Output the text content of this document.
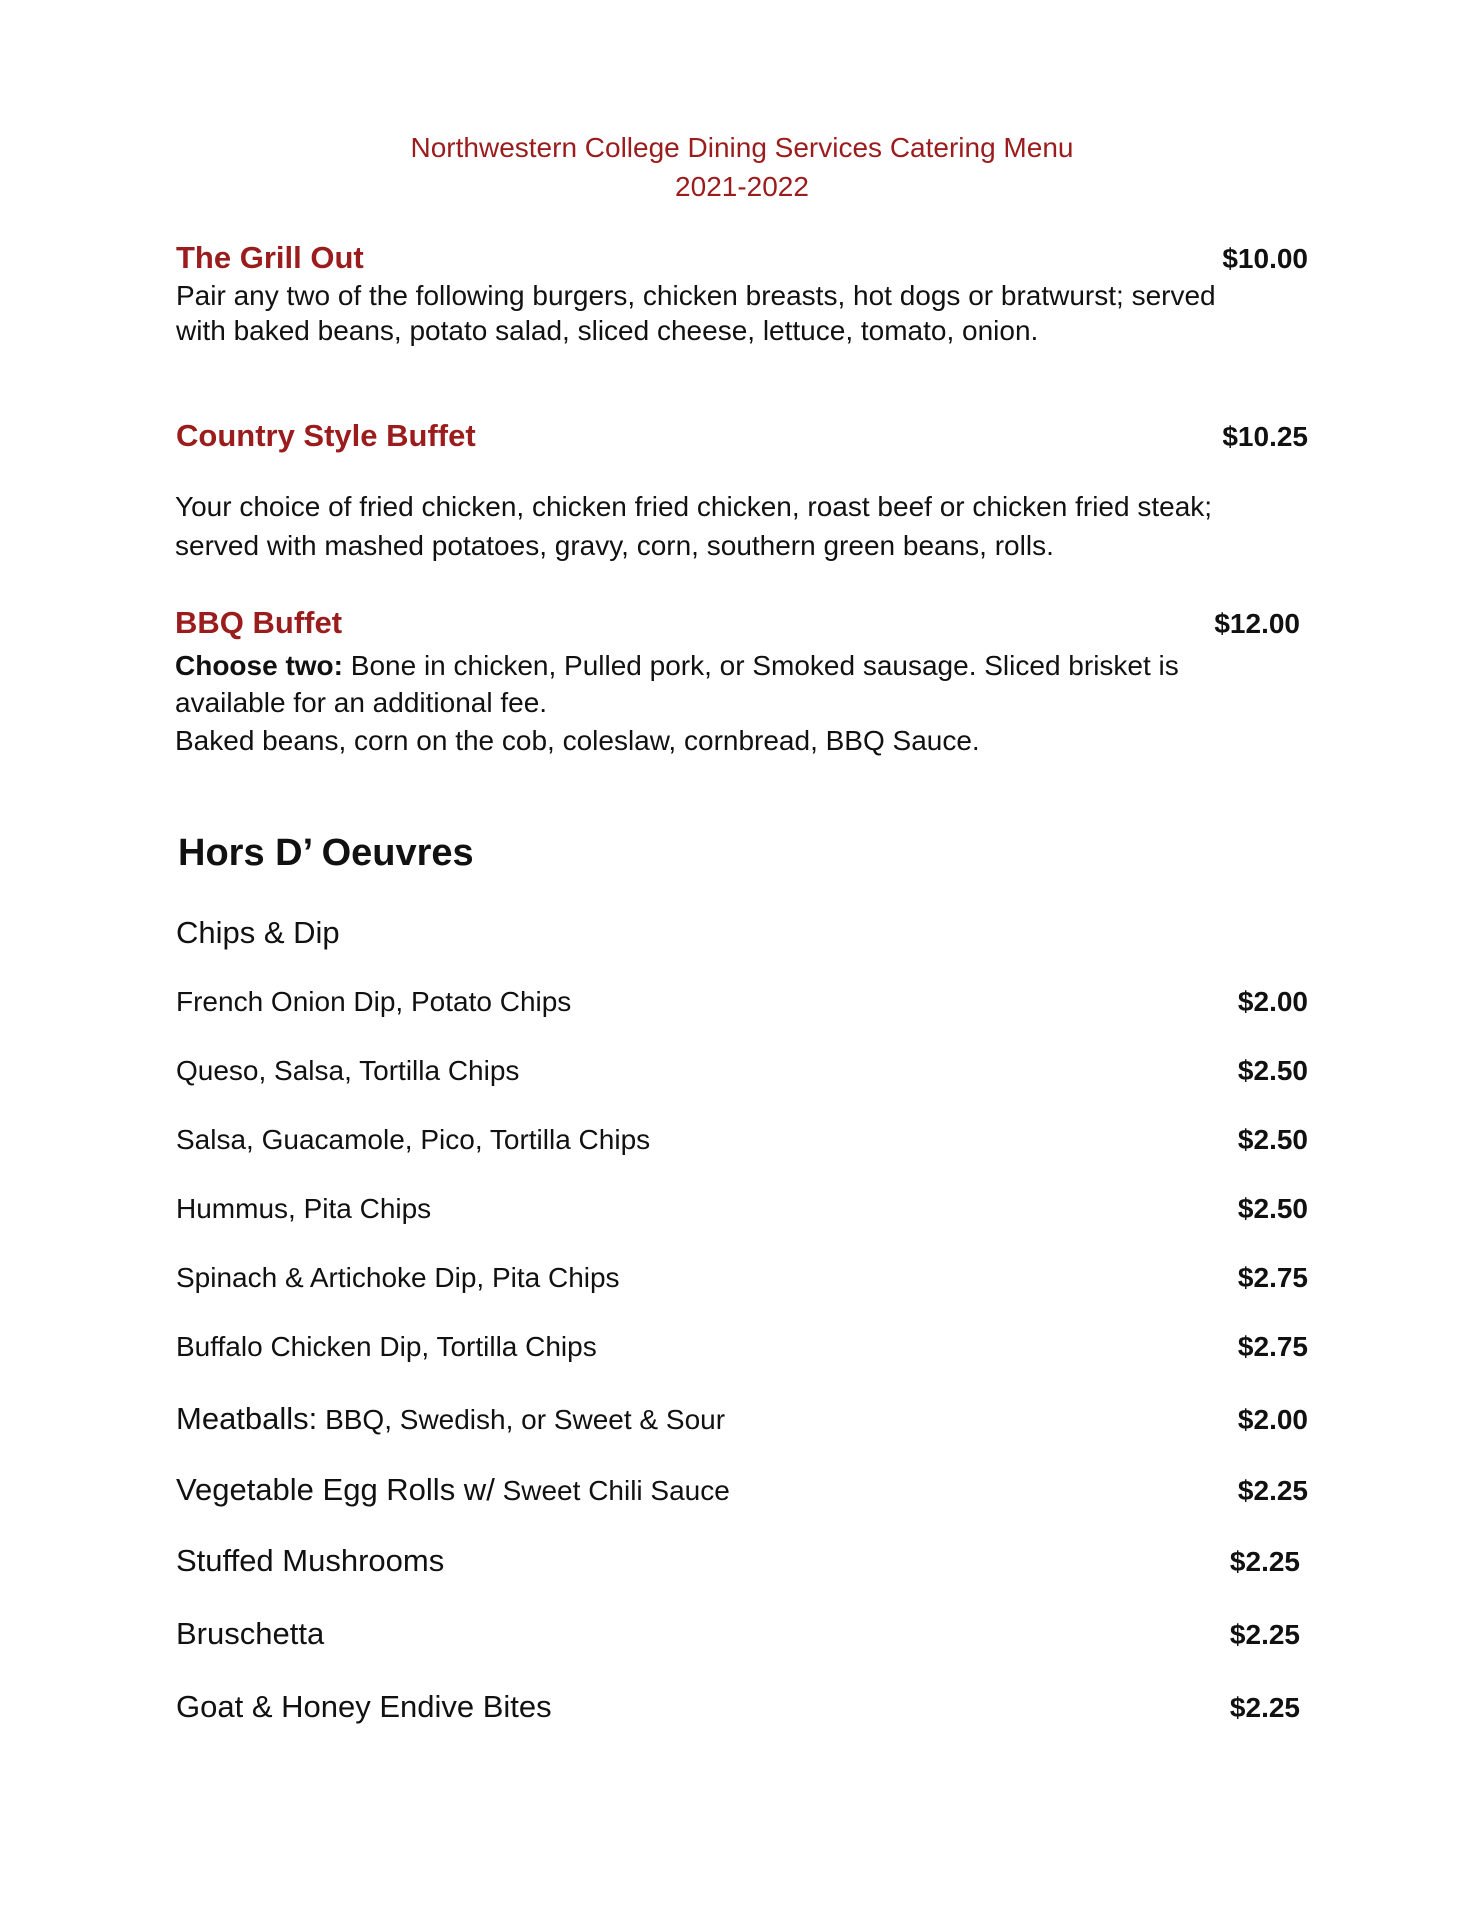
Northwestern College Dining Services Catering Menu
2021-2022
The Grill Out	$10.00
Pair any two of the following burgers, chicken breasts, hot dogs or bratwurst; served
with baked beans, potato salad, sliced cheese, lettuce, tomato, onion.
Country Style Buffet	$10.25
Your choice of fried chicken, chicken fried chicken, roast beef or chicken fried steak;
served with mashed potatoes, gravy, corn, southern green beans, rolls.
BBQ Buffet	$12.00
Choose two: Bone in chicken, Pulled pork, or Smoked sausage. Sliced brisket is
available for an additional fee.
Baked beans, corn on the cob, coleslaw, cornbread, BBQ Sauce.
Hors D’ Oeuvres
Chips & Dip
French Onion Dip, Potato Chips	$2.00
Queso, Salsa, Tortilla Chips	$2.50
Salsa, Guacamole, Pico, Tortilla Chips	$2.50
Hummus, Pita Chips	$2.50
Spinach & Artichoke Dip, Pita Chips	$2.75
Buffalo Chicken Dip, Tortilla Chips	$2.75
Meatballs: BBQ, Swedish, or Sweet & Sour	$2.00
Vegetable Egg Rolls w/ Sweet Chili Sauce	$2.25
Stuffed Mushrooms	$2.25
Bruschetta	$2.25
Goat & Honey Endive Bites	$2.25
